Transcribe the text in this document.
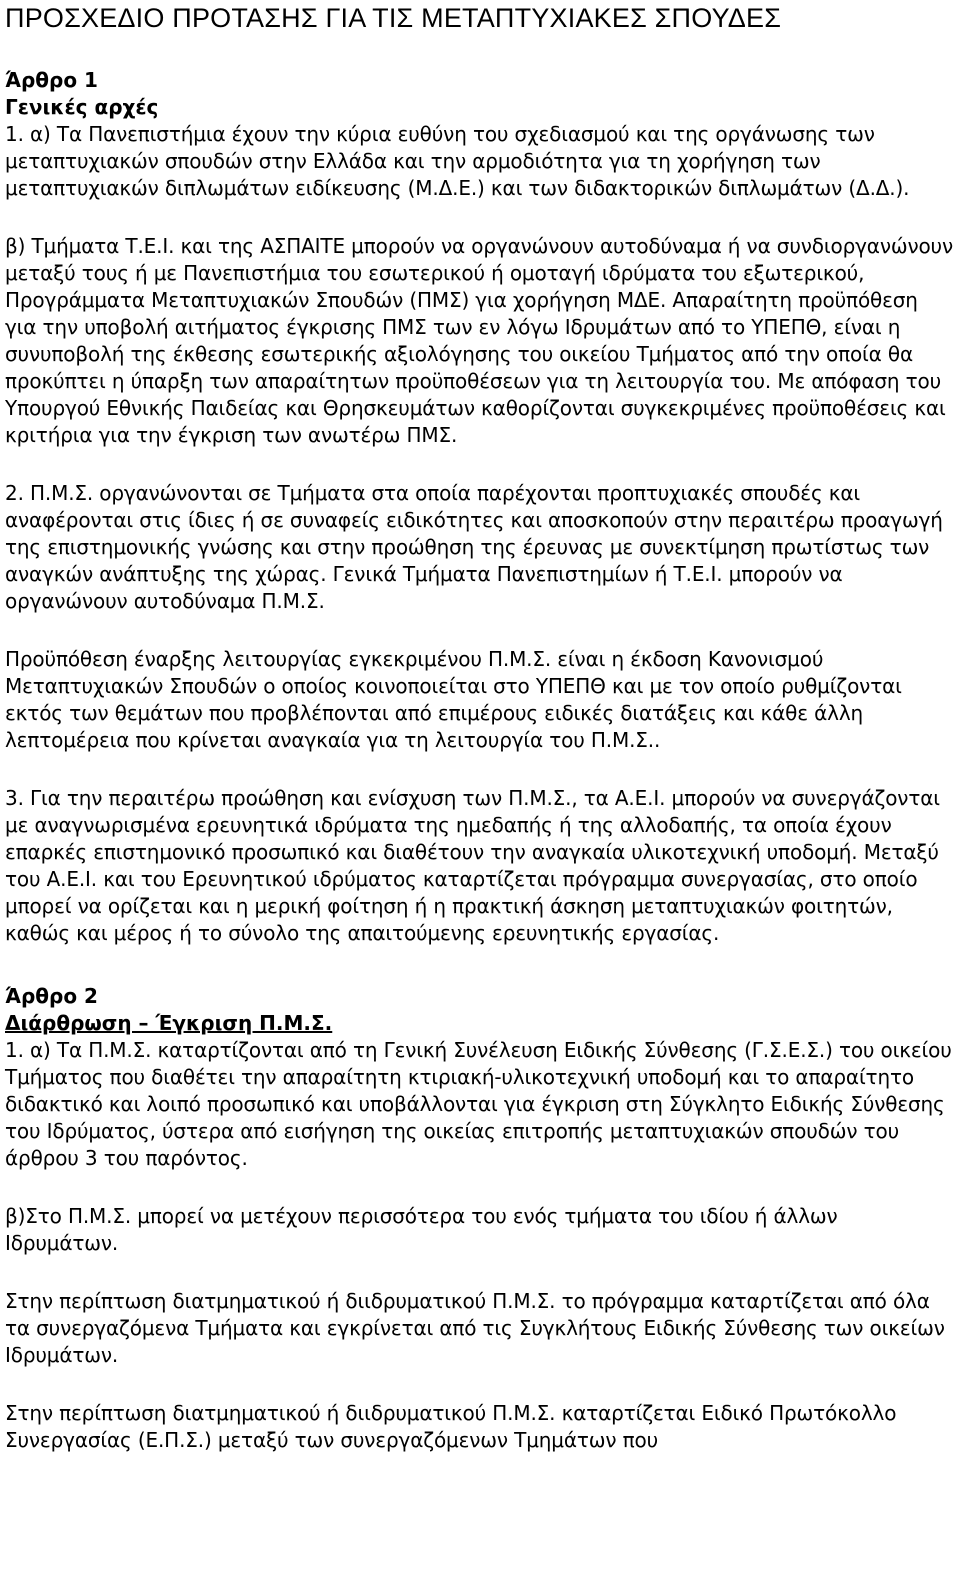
ΠΡΟΣΧΕΔΙΟ ΠΡΟΤΑΣΗΣ ΓΙΑ ΤΙΣ ΜΕΤΑΠΤΥΧΙΑΚΕΣ ΣΠΟΥΔΕΣ
Άρθρο 1
Γενικές αρχές

1. α) Τα Πανεπιστήμια έχουν την κύρια ευθύνη του σχεδιασμού και της οργάνωσης των μεταπτυχιακών σπουδών στην Ελλάδα και την αρμοδιότητα για τη χορήγηση των μεταπτυχιακών διπλωμάτων ειδίκευσης (Μ.Δ.Ε.) και των διδακτορικών διπλωμάτων (Δ.Δ.).

β) Τμήματα Τ.Ε.Ι. και της ΑΣΠΑΙΤΕ μπορούν να οργανώνουν αυτοδύναμα ή να συνδιοργανώνουν μεταξύ τους ή με Πανεπιστήμια του εσωτερικού ή ομοταγή ιδρύματα του εξωτερικού, Προγράμματα Μεταπτυχιακών Σπουδών (ΠΜΣ) για χορήγηση ΜΔΕ. Απαραίτητη προϋπόθεση για την υποβολή αιτήματος έγκρισης ΠΜΣ των εν λόγω Ιδρυμάτων από το ΥΠΕΠΘ, είναι η συνυποβολή της έκθεσης εσωτερικής αξιολόγησης του οικείου Τμήματος από την οποία θα προκύπτει η ύπαρξη των απαραίτητων προϋποθέσεων για τη λειτουργία του. Με απόφαση του Υπουργού Εθνικής Παιδείας και Θρησκευμάτων καθορίζονται συγκεκριμένες προϋποθέσεις και κριτήρια για την έγκριση των ανωτέρω ΠΜΣ.

2. Π.Μ.Σ. οργανώνονται σε Τμήματα στα οποία παρέχονται προπτυχιακές σπουδές και αναφέρονται στις ίδιες ή σε συναφείς ειδικότητες και αποσκοπούν στην περαιτέρω προαγωγή της επιστημονικής γνώσης και στην προώθηση της έρευνας με συνεκτίμηση πρωτίστως των αναγκών ανάπτυξης της χώρας. Γενικά Τμήματα Πανεπιστημίων ή Τ.Ε.Ι. μπορούν να οργανώνουν αυτοδύναμα Π.Μ.Σ.

Προϋπόθεση έναρξης λειτουργίας εγκεκριμένου Π.Μ.Σ. είναι η έκδοση Κανονισμού Μεταπτυχιακών Σπουδών ο οποίος κοινοποιείται στο ΥΠΕΠΘ και με τον οποίο ρυθμίζονται εκτός των θεμάτων που προβλέπονται από επιμέρους ειδικές διατάξεις και κάθε άλλη λεπτομέρεια που κρίνεται αναγκαία για τη λειτουργία του Π.Μ.Σ..

3. Για την περαιτέρω προώθηση και ενίσχυση των Π.Μ.Σ., τα Α.Ε.Ι. μπορούν να συνεργάζονται με αναγνωρισμένα ερευνητικά ιδρύματα της ημεδαπής ή της αλλοδαπής, τα οποία έχουν επαρκές επιστημονικό προσωπικό και διαθέτουν την αναγκαία υλικοτεχνική υποδομή. Μεταξύ του Α.Ε.Ι. και του Ερευνητικού ιδρύματος καταρτίζεται πρόγραμμα συνεργασίας, στο οποίο μπορεί να ορίζεται και η μερική φοίτηση ή η πρακτική άσκηση μεταπτυχιακών φοιτητών, καθώς και μέρος ή το σύνολο της απαιτούμενης ερευνητικής εργασίας.

Άρθρο 2
Διάρθρωση – Έγκριση Π.Μ.Σ.

1. α) Τα Π.Μ.Σ. καταρτίζονται από τη Γενική Συνέλευση Ειδικής Σύνθεσης (Γ.Σ.Ε.Σ.) του οικείου Τμήματος που διαθέτει την απαραίτητη κτιριακή-υλικοτεχνική υποδομή και το απαραίτητο διδακτικό και λοιπό προσωπικό και υποβάλλονται για έγκριση στη Σύγκλητο Ειδικής Σύνθεσης του Ιδρύματος, ύστερα από εισήγηση της οικείας επιτροπής μεταπτυχιακών σπουδών του άρθρου 3 του παρόντος.

β)Στο Π.Μ.Σ. μπορεί να μετέχουν περισσότερα του ενός τμήματα του ιδίου ή άλλων Ιδρυμάτων.

Στην περίπτωση διατμηματικού ή διιδρυματικού Π.Μ.Σ. το πρόγραμμα καταρτίζεται από όλα τα συνεργαζόμενα Τμήματα και εγκρίνεται από τις Συγκλήτους Ειδικής Σύνθεσης των οικείων Ιδρυμάτων.

Στην περίπτωση διατμηματικού ή διιδρυματικού Π.Μ.Σ. καταρτίζεται Ειδικό Πρωτόκολλο Συνεργασίας (Ε.Π.Σ.) μεταξύ των συνεργαζόμενων Τμημάτων που
